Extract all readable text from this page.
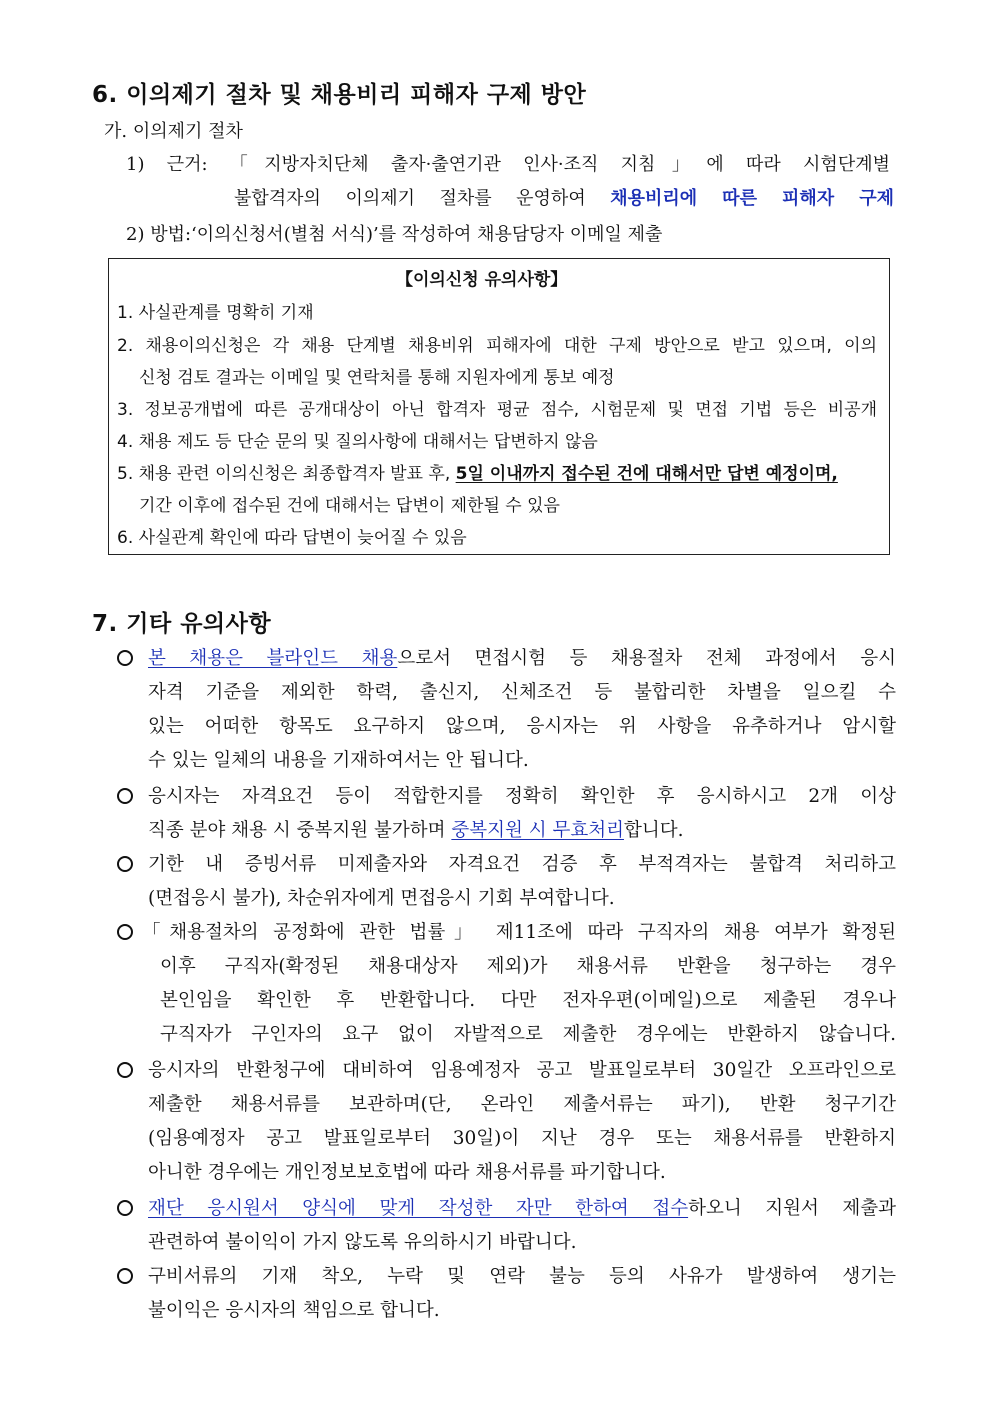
6. 이의제기 절차 및 채용비리 피해자 구제 방안
가. 이의제기 절차
1) 근거: 「지방자치단체 출자·출연기관 인사·조직 지침」에 따라 시험단계별
불합격자의 이의제기 절차를 운영하여 채용비리에 따른 피해자 구제
2) 방법:‘이의신청서(별첨 서식)’를 작성하여 채용담당자 이메일 제출
【이의신청 유의사항】
1. 사실관계를 명확히 기재
2. 채용이의신청은 각 채용 단계별 채용비위 피해자에 대한 구제 방안으로 받고 있으며, 이의
신청 검토 결과는 이메일 및 연락처를 통해 지원자에게 통보 예정
3. 정보공개법에 따른 공개대상이 아닌 합격자 평균 점수, 시험문제 및 면접 기법 등은 비공개
4. 채용 제도 등 단순 문의 및 질의사항에 대해서는 답변하지 않음
5. 채용 관련 이의신청은 최종합격자 발표 후, 5일 이내까지 접수된 건에 대해서만 답변 예정이며,
기간 이후에 접수된 건에 대해서는 답변이 제한될 수 있음
6. 사실관계 확인에 따라 답변이 늦어질 수 있음
7. 기타 유의사항
본 채용은 블라인드 채용으로서 면접시험 등 채용절차 전체 과정에서 응시
자격 기준을 제외한 학력, 출신지, 신체조건 등 불합리한 차별을 일으킬 수
있는 어떠한 항목도 요구하지 않으며, 응시자는 위 사항을 유추하거나 암시할
수 있는 일체의 내용을 기재하여서는 안 됩니다.
응시자는 자격요건 등이 적합한지를 정확히 확인한 후 응시하시고 2개 이상
직종 분야 채용 시 중복지원 불가하며 중복지원 시 무효처리합니다.
기한 내 증빙서류 미제출자와 자격요건 검증 후 부적격자는 불합격 처리하고
(면접응시 불가), 차순위자에게 면접응시 기회 부여합니다.
「채용절차의 공정화에 관한 법률」 제11조에 따라 구직자의 채용 여부가 확정된
이후 구직자(확정된 채용대상자 제외)가 채용서류 반환을 청구하는 경우
본인임을 확인한 후 반환합니다. 다만 전자우편(이메일)으로 제출된 경우나
구직자가 구인자의 요구 없이 자발적으로 제출한 경우에는 반환하지 않습니다.
응시자의 반환청구에 대비하여 임용예정자 공고 발표일로부터 30일간 오프라인으로
제출한 채용서류를 보관하며(단, 온라인 제출서류는 파기), 반환 청구기간
(임용예정자 공고 발표일로부터 30일)이 지난 경우 또는 채용서류를 반환하지
아니한 경우에는 개인정보보호법에 따라 채용서류를 파기합니다.
재단 응시원서 양식에 맞게 작성한 자만 한하여 접수하오니 지원서 제출과
관련하여 불이익이 가지 않도록 유의하시기 바랍니다.
구비서류의 기재 착오, 누락 및 연락 불능 등의 사유가 발생하여 생기는
불이익은 응시자의 책임으로 합니다.
